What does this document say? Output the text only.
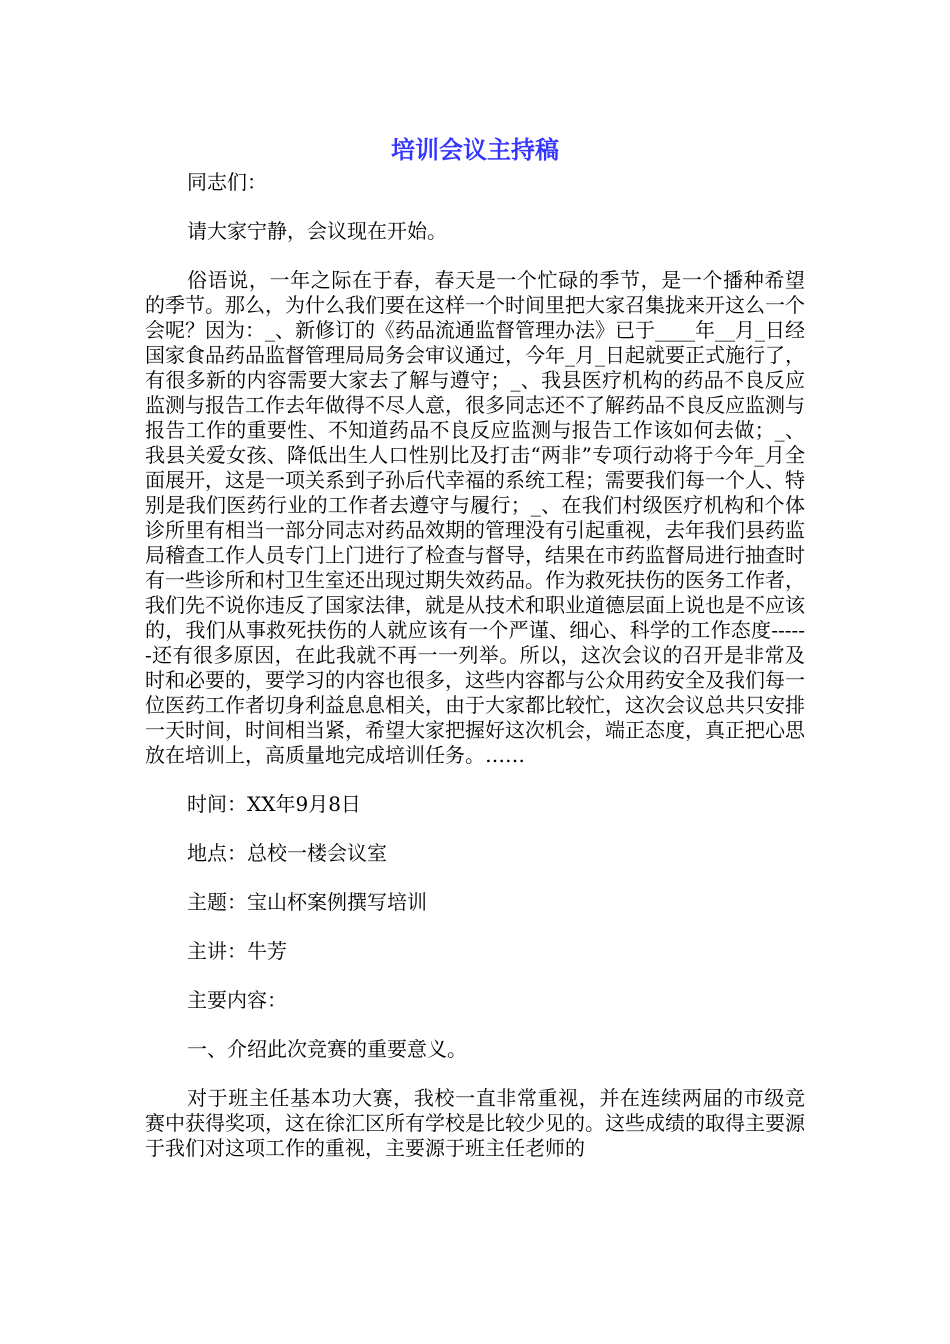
培训会议主持稿

同志们：

请大家宁静，会议现在开始。

俗语说，一年之际在于春，春天是一个忙碌的季节，是一个播种希望的季节。那么，为什么我们要在这样一个时间里把大家召集拢来开这么一个会呢？因为：_、新修订的《药品流通监督管理办法》已于____年__月_日经国家食品药品监督管理局局务会审议通过，今年_月_日起就要正式施行了，有很多新的内容需要大家去了解与遵守；_、我县医疗机构的药品不良反应监测与报告工作去年做得不尽人意，很多同志还不了解药品不良反应监测与报告工作的重要性、不知道药品不良反应监测与报告工作该如何去做；_、我县关爱女孩、降低出生人口性别比及打击“两非”专项行动将于今年_月全面展开，这是一项关系到子孙后代幸福的系统工程；需要我们每一个人、特别是我们医药行业的工作者去遵守与履行；_、在我们村级医疗机构和个体诊所里有相当一部分同志对药品效期的管理没有引起重视，去年我们县药监局稽查工作人员专门上门进行了检查与督导，结果在市药监督局进行抽查时有一些诊所和村卫生室还出现过期失效药品。作为救死扶伤的医务工作者，我们先不说你违反了国家法律，就是从技术和职业道德层面上说也是不应该的，我们从事救死扶伤的人就应该有一个严谨、细心、科学的工作态度------还有很多原因，在此我就不再一一列举。所以，这次会议的召开是非常及时和必要的，要学习的内容也很多，这些内容都与公众用药安全及我们每一位医药工作者切身利益息息相关，由于大家都比较忙，这次会议总共只安排一天时间，时间相当紧，希望大家把握好这次机会，端正态度，真正把心思放在培训上，高质量地完成培训任务。……

时间：XX年9月8日

地点：总校一楼会议室

主题：宝山杯案例撰写培训

主讲：牛芳

主要内容：

一、介绍此次竞赛的重要意义。

对于班主任基本功大赛，我校一直非常重视，并在连续两届的市级竞赛中获得奖项，这在徐汇区所有学校是比较少见的。这些成绩的取得主要源于我们对这项工作的重视，主要源于班主任老师的
